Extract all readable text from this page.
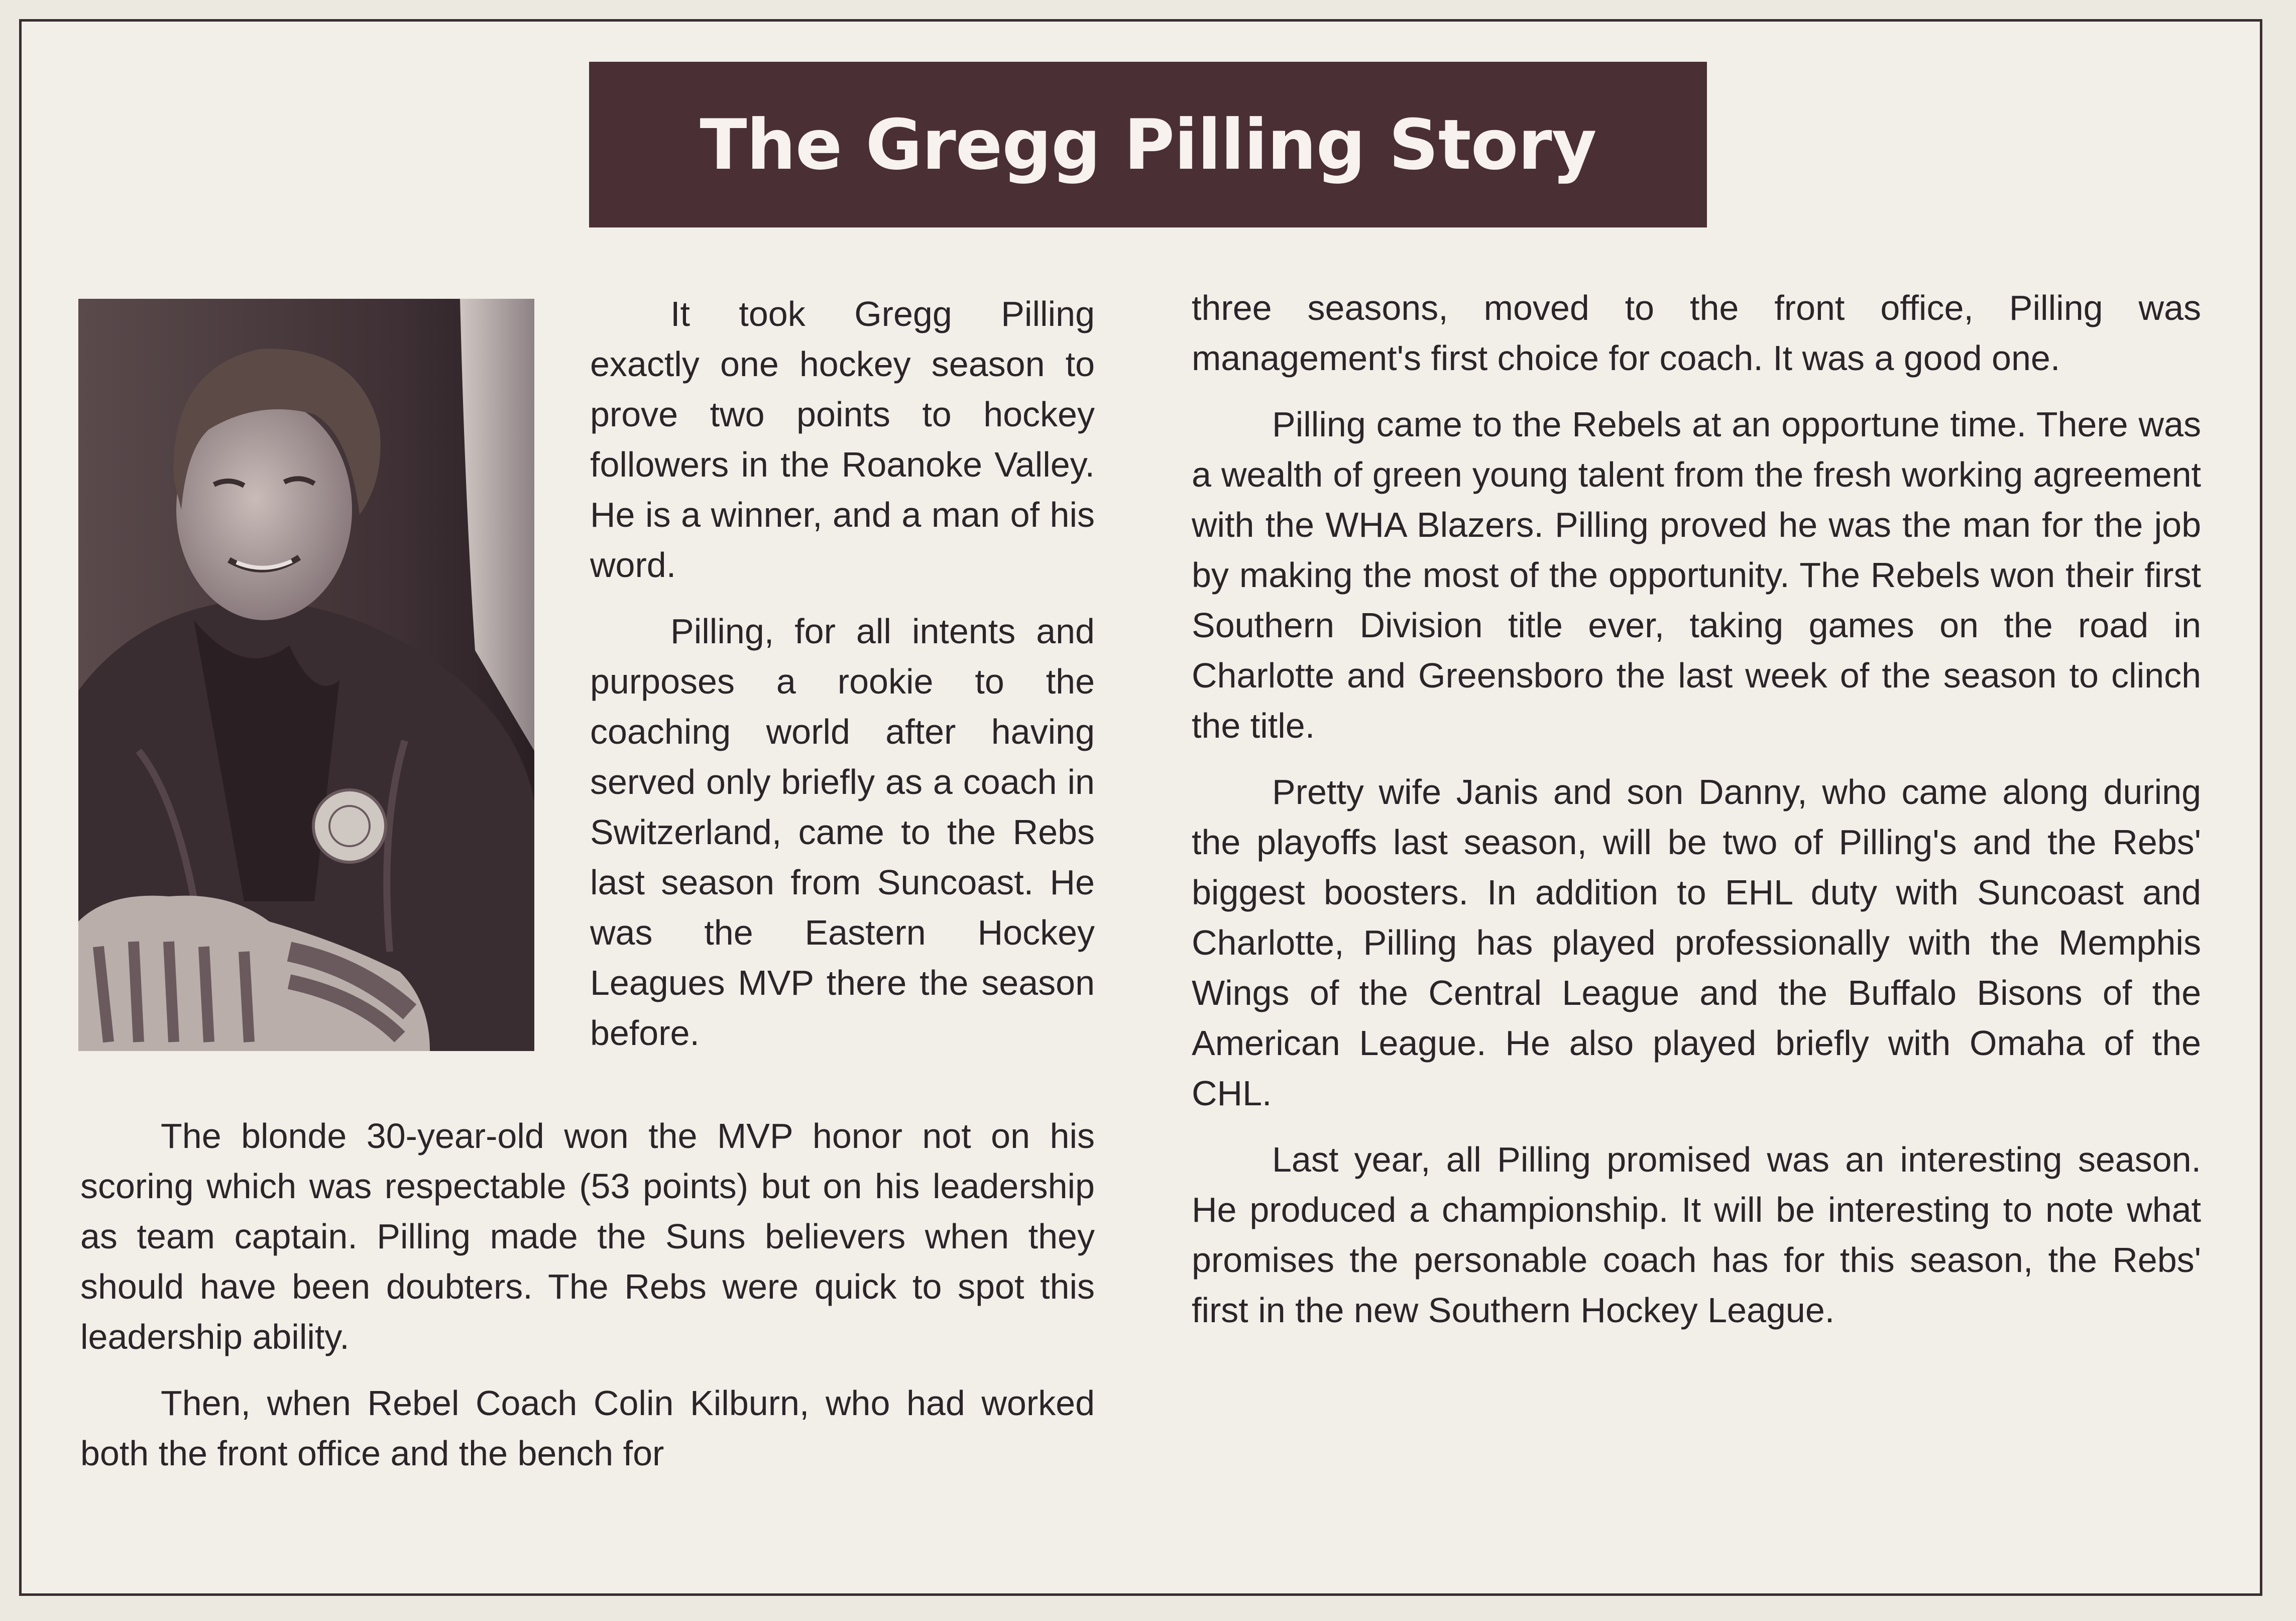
The Gregg Pilling Story

It took Gregg Pilling exactly one hockey season to prove two points to hockey followers in the Roanoke Valley. He is a winner, and a man of his word.

Pilling, for all intents and purposes a rookie to the coaching world after having served only briefly as a coach in Switzerland, came to the Rebs last season from Suncoast. He was the Eastern Hockey Leagues MVP there the season before.

The blonde 30-year-old won the MVP honor not on his scoring which was respectable (53 points) but on his leadership as team captain. Pilling made the Suns believers when they should have been doubters. The Rebs were quick to spot this leadership ability.

Then, when Rebel Coach Colin Kilburn, who had worked both the front office and the bench for

three seasons, moved to the front office, Pilling was management's first choice for coach. It was a good one.

Pilling came to the Rebels at an opportune time. There was a wealth of green young talent from the fresh working agreement with the WHA Blazers. Pilling proved he was the man for the job by making the most of the opportunity. The Rebels won their first Southern Division title ever, taking games on the road in Charlotte and Greensboro the last week of the season to clinch the title.

Pretty wife Janis and son Danny, who came along during the playoffs last season, will be two of Pilling's and the Rebs' biggest boosters. In addition to EHL duty with Suncoast and Charlotte, Pilling has played professionally with the Memphis Wings of the Central League and the Buffalo Bisons of the American League. He also played briefly with Omaha of the CHL.

Last year, all Pilling promised was an interesting season. He produced a championship. It will be interesting to note what promises the personable coach has for this season, the Rebs' first in the new Southern Hockey League.
